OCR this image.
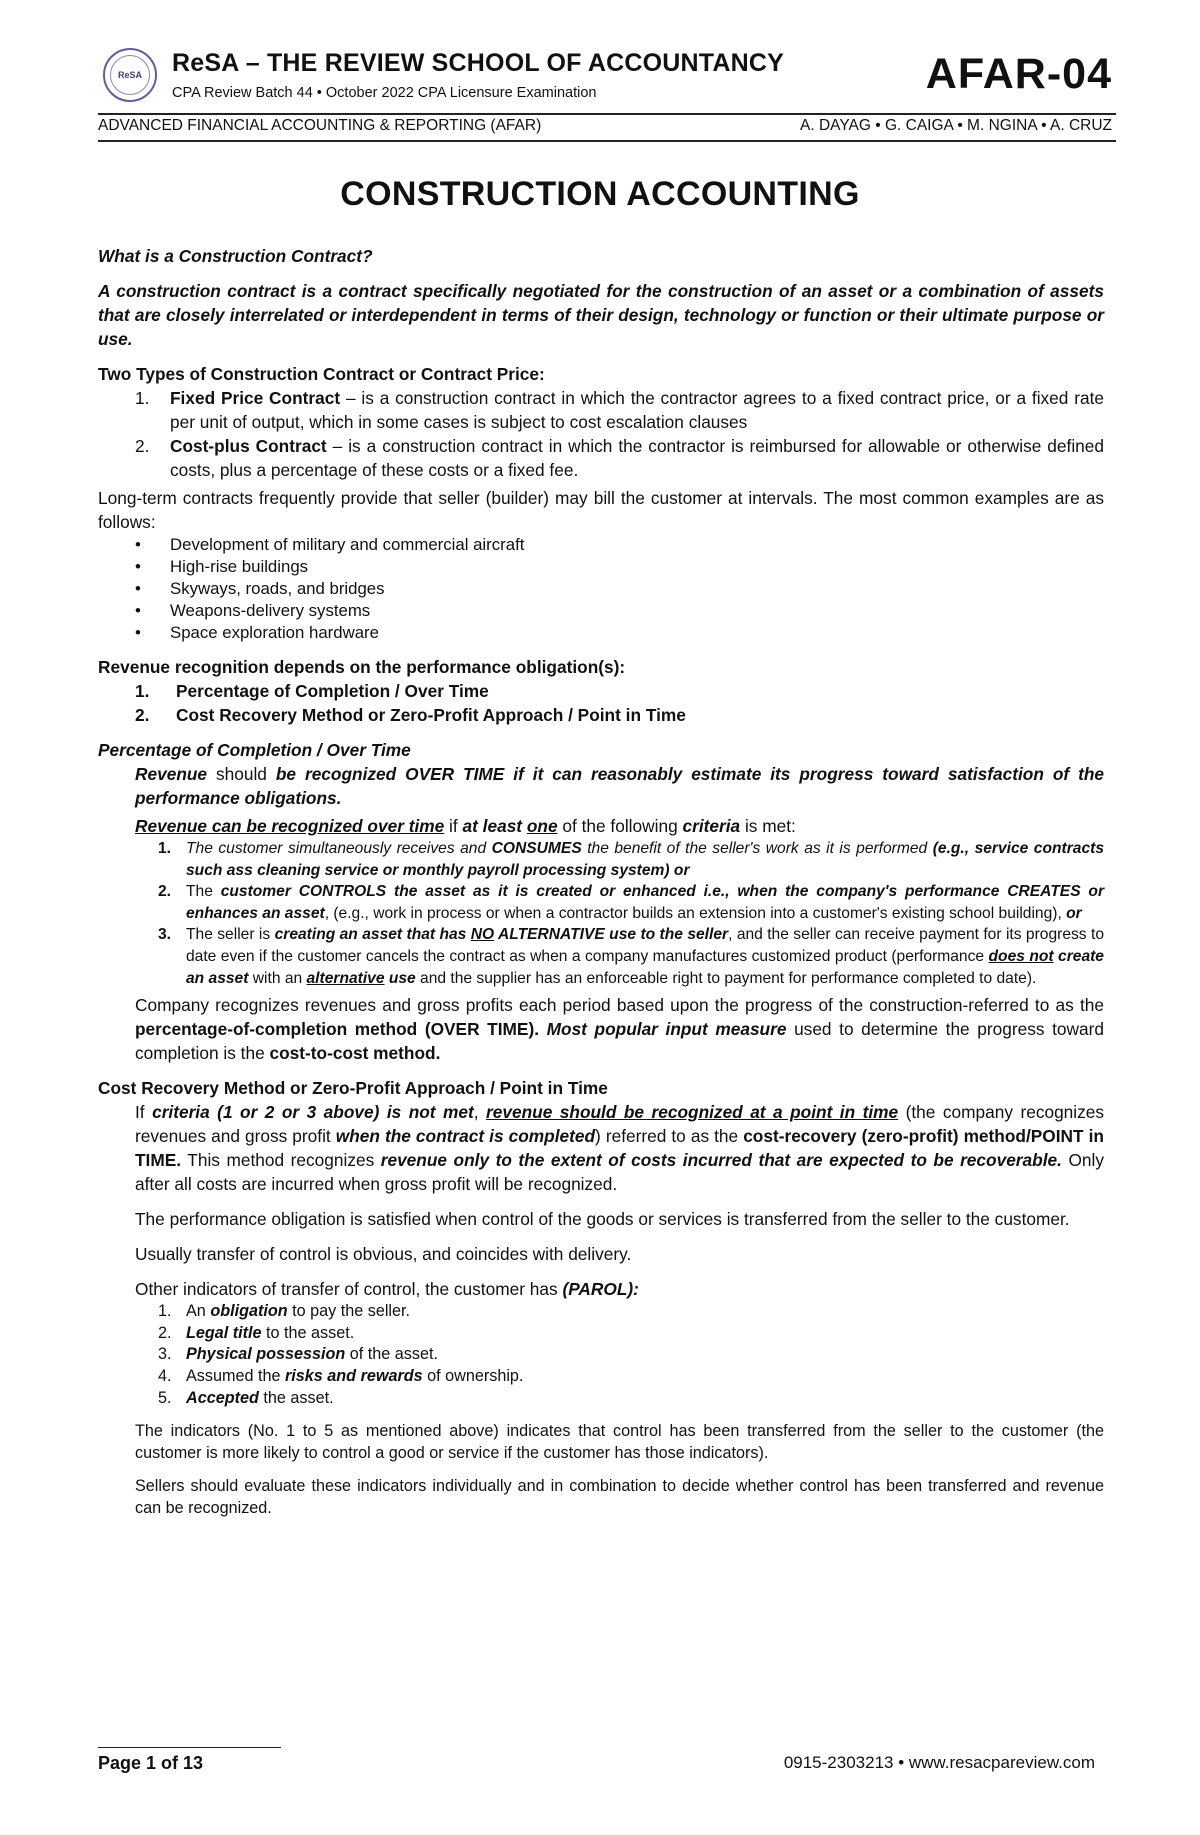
ReSA	ReSA – THE REVIEW SCHOOL OF ACCOUNTANCY
CPA Review Batch 44 • October 2022 CPA Licensure Examination	AFAR-04
ADVANCED FINANCIAL ACCOUNTING & REPORTING (AFAR)	A. DAYAG • G. CAIGA • M. NGINA • A. CRUZ
CONSTRUCTION ACCOUNTING

What is a Construction Contract?

A construction contract is a contract specifically negotiated for the construction of an asset or a combination of assets that are closely interrelated or interdependent in terms of their design, technology or function or their ultimate purpose or use.

Two Types of Construction Contract or Contract Price:

1. Fixed Price Contract – is a construction contract in which the contractor agrees to a fixed contract price, or a fixed rate per unit of output, which in some cases is subject to cost escalation clauses
2. Cost-plus Contract – is a construction contract in which the contractor is reimbursed for allowable or otherwise defined costs, plus a percentage of these costs or a fixed fee.

Long-term contracts frequently provide that seller (builder) may bill the customer at intervals. The most common examples are as follows:

• Development of military and commercial aircraft
• High-rise buildings
• Skyways, roads, and bridges
• Weapons-delivery systems
• Space exploration hardware

Revenue recognition depends on the performance obligation(s):

1. Percentage of Completion / Over Time
2. Cost Recovery Method or Zero-Profit Approach / Point in Time

Percentage of Completion / Over Time

Revenue should be recognized OVER TIME if it can reasonably estimate its progress toward satisfaction of the performance obligations.

Revenue can be recognized over time if at least one of the following criteria is met:

1. The customer simultaneously receives and CONSUMES the benefit of the seller's work as it is performed (e.g., service contracts such ass cleaning service or monthly payroll processing system) or
2. The customer CONTROLS the asset as it is created or enhanced i.e., when the company's performance CREATES or enhances an asset, (e.g., work in process or when a contractor builds an extension into a customer's existing school building), or
3. The seller is creating an asset that has NO ALTERNATIVE use to the seller, and the seller can receive payment for its progress to date even if the customer cancels the contract as when a company manufactures customized product (performance does not create an asset with an alternative use and the supplier has an enforceable right to payment for performance completed to date).

Company recognizes revenues and gross profits each period based upon the progress of the construction-referred to as the percentage-of-completion method (OVER TIME). Most popular input measure used to determine the progress toward completion is the cost-to-cost method.

Cost Recovery Method or Zero-Profit Approach / Point in Time

If criteria (1 or 2 or 3 above) is not met, revenue should be recognized at a point in time (the company recognizes revenues and gross profit when the contract is completed) referred to as the cost-recovery (zero-profit) method/POINT in TIME. This method recognizes revenue only to the extent of costs incurred that are expected to be recoverable. Only after all costs are incurred when gross profit will be recognized.

The performance obligation is satisfied when control of the goods or services is transferred from the seller to the customer.

Usually transfer of control is obvious, and coincides with delivery.

Other indicators of transfer of control, the customer has (PAROL):

1. An obligation to pay the seller.
2. Legal title to the asset.
3. Physical possession of the asset.
4. Assumed the risks and rewards of ownership.
5. Accepted the asset.

The indicators (No. 1 to 5 as mentioned above) indicates that control has been transferred from the seller to the customer (the customer is more likely to control a good or service if the customer has those indicators).

Sellers should evaluate these indicators individually and in combination to decide whether control has been transferred and revenue can be recognized.

Page 1 of 13	0915-2303213 • www.resacpareview.com
